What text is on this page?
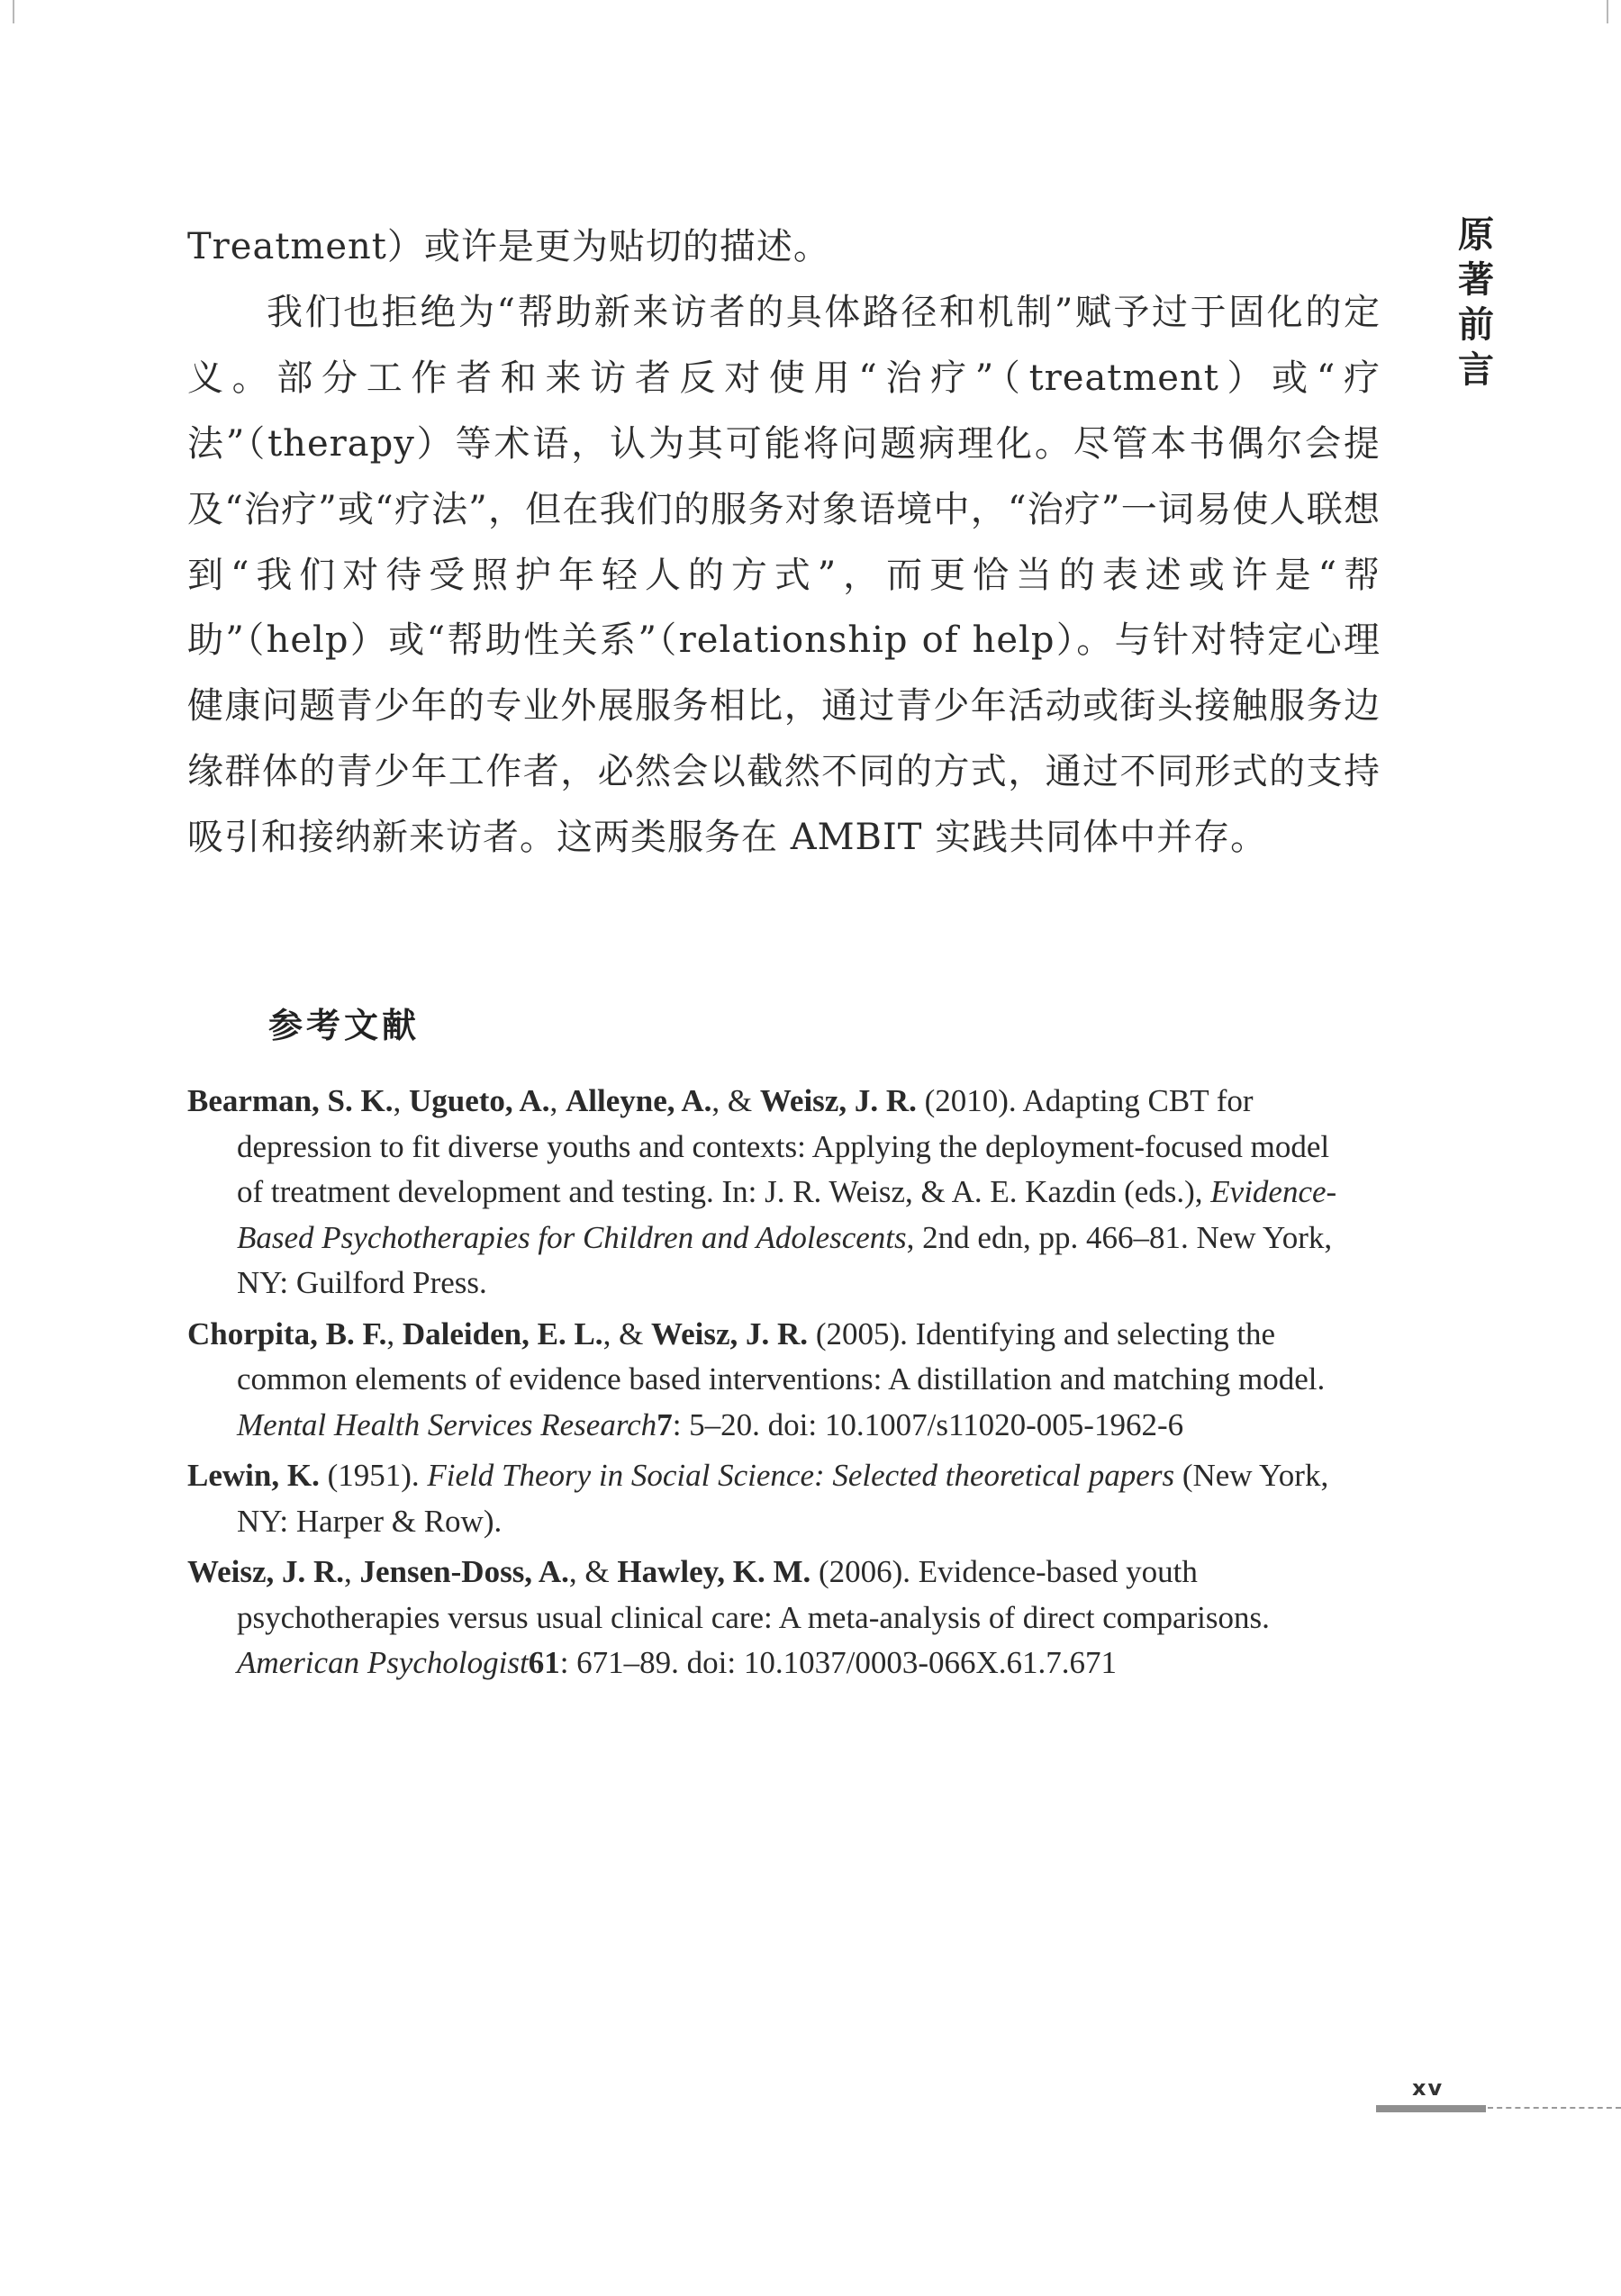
原
著
前
言

Treatment）或许是更为贴切的描述。

我们也拒绝为“帮助新来访者的具体路径和机制”赋予过于固化的定义。部分工作者和来访者反对使用“治疗”（treatment）或“疗法”（therapy）等术语，认为其可能将问题病理化。尽管本书偶尔会提及“治疗”或“疗法”，但在我们的服务对象语境中，“治疗”一词易使人联想到“我们对待受照护年轻人的方式”，而更恰当的表述或许是“帮助”（help）或“帮助性关系”（relationship of help）。与针对特定心理健康问题青少年的专业外展服务相比，通过青少年活动或街头接触服务边缘群体的青少年工作者，必然会以截然不同的方式，通过不同形式的支持吸引和接纳新来访者。这两类服务在 AMBIT 实践共同体中并存。

参考文献
Bearman, S. K., Ugueto, A., Alleyne, A., & Weisz, J. R. (2010). Adapting CBT for depression to fit diverse youths and contexts: Applying the deployment-focused model of treatment development and testing. In: J. R. Weisz, & A. E. Kazdin (eds.), Evidence-Based Psychotherapies for Children and Adolescents, 2nd edn, pp. 466–81. New York, NY: Guilford Press.
Chorpita, B. F., Daleiden, E. L., & Weisz, J. R. (2005). Identifying and selecting the common elements of evidence based interventions: A distillation and matching model. Mental Health Services Research7: 5–20. doi: 10.1007/s11020-005-1962-6
Lewin, K. (1951). Field Theory in Social Science: Selected theoretical papers (New York, NY: Harper & Row).
Weisz, J. R., Jensen-Doss, A., & Hawley, K. M. (2006). Evidence-based youth psychotherapies versus usual clinical care: A meta-analysis of direct comparisons. American Psychologist61: 671–89. doi: 10.1037/0003-066X.61.7.671
xv
